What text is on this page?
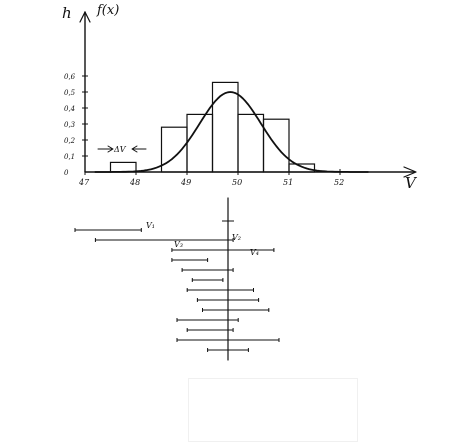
47	48	49	50	51	52
0
0,1
0,2
0,3
0,4
0,5
0,6
h f(x)
V
ΔV
V₁
V₂
V₃
V₄
